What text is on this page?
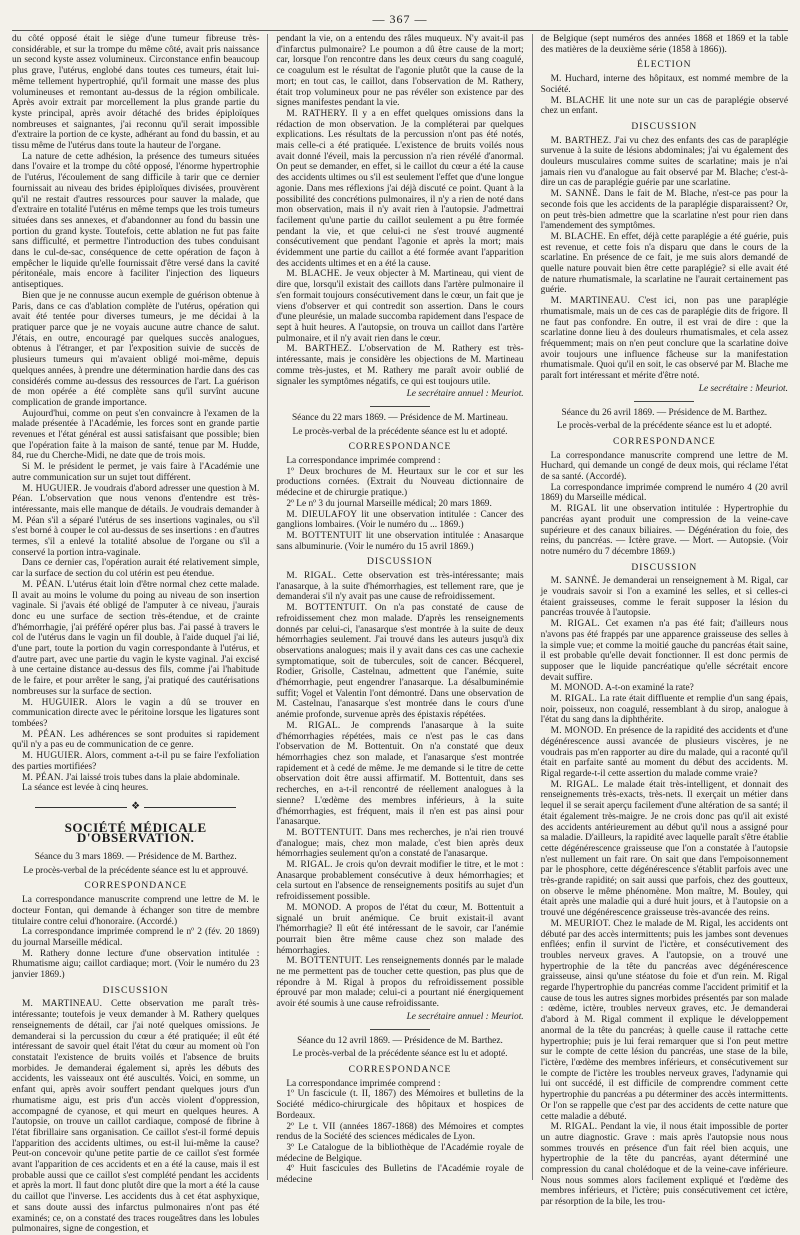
— 367 —

du côté opposé était le siège d'une tumeur fibreuse très-considérable, et sur la trompe du même côté, avait pris naissance un second kyste assez volumineux. Circonstance enfin beaucoup plus grave, l'utérus, englobé dans toutes ces tumeurs, était lui-même tellement hypertrophié, qu'il formait une masse des plus volumineuses et remontant au-dessus de la région ombilicale. Après avoir extrait par morcellement la plus grande partie du kyste principal, après avoir détaché des brides épiploïques nombreuses et saignantes, j'ai reconnu qu'il serait impossible d'extraire la portion de ce kyste, adhérant au fond du bassin, et au tissu même de l'utérus dans toute la hauteur de l'organe.

La nature de cette adhésion, la présence des tumeurs situées dans l'ovaire et la trompe du côté opposé, l'énorme hypertrophie de l'utérus, l'écoulement de sang difficile à tarir que ce dernier fournissait au niveau des brides épiploïques divisées, prouvèrent qu'il ne restait d'autres ressources pour sauver la malade, que d'extraire en totalité l'utérus en même temps que les trois tumeurs situées dans ses annexes, et d'abandonner au fond du bassin une portion du grand kyste. Toutefois, cette ablation ne fut pas faite sans difficulté, et permettre l'introduction des tubes conduisant dans le cul-de-sac, conséquence de cette opération de façon à empêcher le liquide qu'elle fournissait d'être versé dans la cavité péritonéale, mais encore à faciliter l'injection des liqueurs antiseptiques.

Bien que je ne connusse aucun exemple de guérison obtenue à Paris, dans ce cas d'ablation complète de l'utérus, opération qui avait été tentée pour diverses tumeurs, je me décidai à la pratiquer parce que je ne voyais aucune autre chance de salut. J'étais, en outre, encouragé par quelques succès analogues, obtenus à l'étranger, et par l'exposition suivie de succès de plusieurs tumeurs qui m'avaient obligé moi-même, depuis quelques années, à prendre une détermination hardie dans des cas considérés comme au-dessus des ressources de l'art. La guérison de mon opérée a été complète sans qu'il survînt aucune complication de grande importance.

Aujourd'hui, comme on peut s'en convaincre à l'examen de la malade présentée à l'Académie, les forces sont en grande partie revenues et l'état général est aussi satisfaisant que possible; bien que l'opération faite à la maison de santé, tenue par M. Hudde, 84, rue du Cherche-Midi, ne date que de trois mois.

Si M. le président le permet, je vais faire à l'Académie une autre communication sur un sujet tout différent.

M. HUGUIER. Je voudrais d'abord adresser une question à M. Péan. L'observation que nous venons d'entendre est très-intéressante, mais elle manque de détails. Je voudrais demander à M. Péan s'il a séparé l'utérus de ses insertions vaginales, ou s'il s'est borné à couper le col au-dessus de ses insertions : en d'autres termes, s'il a enlevé la totalité absolue de l'organe ou s'il a conservé la portion intra-vaginale.

Dans ce dernier cas, l'opération aurait été relativement simple, car la surface de section du col utérin est peu étendue.

M. PÉAN. L'utérus était loin d'être normal chez cette malade. Il avait au moins le volume du poing au niveau de son insertion vaginale. Si j'avais été obligé de l'amputer à ce niveau, j'aurais donc eu une surface de section très-étendue, et de crainte d'hémorrhagie, j'ai préféré opérer plus bas. J'ai passé à travers le col de l'utérus dans le vagin un fil double, à l'aide duquel j'ai lié, d'une part, toute la portion du vagin correspondante à l'utérus, et d'autre part, avec une partie du vagin le kyste vaginal. J'ai excisé à une certaine distance au-dessus des fils, comme j'ai l'habitude de le faire, et pour arrêter le sang, j'ai pratiqué des cautérisations nombreuses sur la surface de section.

M. HUGUIER. Alors le vagin a dû se trouver en communication directe avec le péritoine lorsque les ligatures sont tombées?

M. PÉAN. Les adhérences se sont produites si rapidement qu'il n'y a pas eu de communication de ce genre.

M. HUGUIER. Alors, comment a-t-il pu se faire l'exfoliation des parties mortifiées?

M. PÉAN. J'ai laissé trois tubes dans la plaie abdominale.

La séance est levée à cinq heures.

❖
SOCIÉTÉ MÉDICALE D'OBSERVATION.
Séance du 3 mars 1869. — Présidence de M. Barthez.
Le procès-verbal de la précédente séance est lu et approuvé.
CORRESPONDANCE

La correspondance manuscrite comprend une lettre de M. le docteur Fontan, qui demande à échanger son titre de membre titulaire contre celui d'honoraire. (Accordé.)

La correspondance imprimée comprend le nº 2 (fév. 20 1869) du journal Marseille médical.

M. Rathery donne lecture d'une observation intitulée : Rhumatisme aigu; caillot cardiaque; mort. (Voir le numéro du 23 janvier 1869.)

DISCUSSION

M. MARTINEAU. Cette observation me paraît très-intéressante; toutefois je veux demander à M. Rathery quelques renseignements de détail, car j'ai noté quelques omissions. Je demanderai si la percussion du cœur a été pratiquée; il eût été intéressant de savoir quel était l'état du cœur au moment où l'on constatait l'existence de bruits voilés et l'absence de bruits morbides. Je demanderai également si, après les débuts des accidents, les vaisseaux ont été auscultés. Voici, en somme, un enfant qui, après avoir souffert pendant quelques jours d'un rhumatisme aigu, est pris d'un accès violent d'oppression, accompagné de cyanose, et qui meurt en quelques heures. A l'autopsie, on trouve un caillot cardiaque, composé de fibrine à l'état fibrillaire sans organisation. Ce caillot s'est-il formé depuis l'apparition des accidents ultimes, ou est-il lui-même la cause? Peut-on concevoir qu'une petite partie de ce caillot s'est formée avant l'apparition de ces accidents et en a été la cause, mais il est probable aussi que ce caillot s'est complété pendant les accidents et après la mort. Il faut donc plutôt dire que la mort a été la cause du caillot que l'inverse. Les accidents dus à cet état asphyxique, et sans doute aussi des infarctus pulmonaires n'ont pas été examinés; ce, on a constaté des traces rougeâtres dans les lobules pulmonaires, signe de congestion, et

pendant la vie, on a entendu des râles muqueux. N'y avait-il pas d'infarctus pulmonaire? Le poumon a dû être cause de la mort; car, lorsque l'on rencontre dans les deux cœurs du sang coagulé, ce coagulum est le résultat de l'agonie plutôt que la cause de la mort; en tout cas, le caillot, dans l'observation de M. Rathery, était trop volumineux pour ne pas révéler son existence par des signes manifestes pendant la vie.

M. RATHERY. Il y a en effet quelques omissions dans la rédaction de mon observation. Je la compléterai par quelques explications. Les résultats de la percussion n'ont pas été notés, mais celle-ci a été pratiquée. L'existence de bruits voilés nous avait donné l'éveil, mais la percussion n'a rien révélé d'anormal. On peut se demander, en effet, si le caillot du cœur a été la cause des accidents ultimes ou s'il est seulement l'effet que d'une longue agonie. Dans mes réflexions j'ai déjà discuté ce point. Quant à la possibilité des concrétions pulmonaires, il n'y a rien de noté dans mon observation, mais il n'y avait rien à l'autopsie. J'admettrai facilement qu'une partie du caillot seulement a pu être formée pendant la vie, et que celui-ci ne s'est trouvé augmenté consécutivement que pendant l'agonie et après la mort; mais évidemment une partie du caillot a été formée avant l'apparition des accidents ultimes et en a été la cause.

M. BLACHE. Je veux objecter à M. Martineau, qui vient de dire que, lorsqu'il existait des caillots dans l'artère pulmonaire il s'en formait toujours consécutivement dans le cœur, un fait que je viens d'observer et qui contredit son assertion. Dans le cours d'une pleurésie, un malade succomba rapidement dans l'espace de sept à huit heures. A l'autopsie, on trouva un caillot dans l'artère pulmonaire, et il n'y avait rien dans le cœur.

M. BARTHEZ. L'observation de M. Rathery est très-intéressante, mais je considère les objections de M. Martineau comme très-justes, et M. Rathery me paraît avoir oublié de signaler les symptômes négatifs, ce qui est toujours utile.

Le secrétaire annuel : Meuriot.
Séance du 22 mars 1869. — Présidence de M. Martineau.
Le procès-verbal de la précédente séance est lu et adopté.
CORRESPONDANCE

La correspondance imprimée comprend :

1º Deux brochures de M. Heurtaux sur le cor et sur les productions cornées. (Extrait du Nouveau dictionnaire de médecine et de chirurgie pratique.)

2º Le nº 3 du journal Marseille médical; 20 mars 1869.

M. DIEULAFOY lit une observation intitulée : Cancer des ganglions lombaires. (Voir le numéro du ... 1869.)

M. BOTTENTUIT lit une observation intitulée : Anasarque sans albuminurie. (Voir le numéro du 15 avril 1869.)

DISCUSSION

M. RIGAL. Cette observation est très-intéressante; mais l'anasarque, à la suite d'hémorrhagies, est tellement rare, que je demanderai s'il n'y avait pas une cause de refroidissement.

M. BOTTENTUIT. On n'a pas constaté de cause de refroidissement chez mon malade. D'après les renseignements donnés par celui-ci, l'anasarque s'est montrée à la suite de deux hémorrhagies seulement. J'ai trouvé dans les auteurs jusqu'à dix observations analogues; mais il y avait dans ces cas une cachexie symptomatique, soit de tubercules, soit de cancer. Bécquerel, Rodier, Grisolle, Castelnau, admettent que l'anémie, suite d'hémorrhagie, peut engendrer l'anasarque. La désalbuminémie suffit; Vogel et Valentin l'ont démontré. Dans une observation de M. Castelnau, l'anasarque s'est montrée dans le cours d'une anémie profonde, survenue après des épistaxis répétées.

M. RIGAL. Je comprends l'anasarque à la suite d'hémorrhagies répétées, mais ce n'est pas le cas dans l'observation de M. Bottentuit. On n'a constaté que deux hémorrhagies chez son malade, et l'anasarque s'est montrée rapidement et à cedé de même. Je me demande si le titre de cette observation doit être aussi affirmatif. M. Bottentuit, dans ses recherches, en a-t-il rencontré de réellement analogues à la sienne? L'œdème des membres inférieurs, à la suite d'hémorrhagies, est fréquent, mais il n'en est pas ainsi pour l'anasarque.

M. BOTTENTUIT. Dans mes recherches, je n'ai rien trouvé d'analogue; mais, chez mon malade, c'est bien après deux hémorrhagies seulement qu'on a constaté de l'anasarque.

M. RIGAL. Je crois qu'on devrait modifier le titre, et le mot : Anasarque probablement consécutive à deux hémorrhagies; et cela surtout en l'absence de renseignements positifs au sujet d'un refroidissement possible.

M. MONOD. A propos de l'état du cœur, M. Bottentuit a signalé un bruit anémique. Ce bruit existait-il avant l'hémorrhagie? Il eût été intéressant de le savoir, car l'anémie pourrait bien être même cause chez son malade des hémorrhagies.

M. BOTTENTUIT. Les renseignements donnés par le malade ne me permettent pas de toucher cette question, pas plus que de répondre à M. Rigal à propos du refroidissement possible éprouvé par mon malade; celui-ci a pourtant nié énergiquement avoir été soumis à une cause refroidissante.

Le secrétaire annuel : Meuriot.
Séance du 12 avril 1869. — Présidence de M. Barthez.
Le procès-verbal de la précédente séance est lu et adopté.
CORRESPONDANCE

La correspondance imprimée comprend :

1º Un fascicule (t. II, 1867) des Mémoires et bulletins de la Société médico-chirurgicale des hôpitaux et hospices de Bordeaux.

2º Le t. VII (années 1867-1868) des Mémoires et comptes rendus de la Société des sciences médicales de Lyon.

3º Le Catalogue de la bibliothèque de l'Académie royale de médecine de Belgique.

4º Huit fascicules des Bulletins de l'Académie royale de médecine

de Belgique (sept numéros des années 1868 et 1869 et la table des matières de la deuxième série (1858 à 1866)).

ÉLECTION

M. Huchard, interne des hôpitaux, est nommé membre de la Société.

M. BLACHE lit une note sur un cas de paraplégie observé chez un enfant.

DISCUSSION

M. BARTHEZ. J'ai vu chez des enfants des cas de paraplégie survenue à la suite de lésions abdominales; j'ai vu également des douleurs musculaires comme suites de scarlatine; mais je n'ai jamais rien vu d'analogue au fait observé par M. Blache; c'est-à-dire un cas de paraplégie guérie par une scarlatine.

M. SANNÉ. Dans le fait de M. Blache, n'est-ce pas pour la seconde fois que les accidents de la paraplégie disparaissent? Or, on peut très-bien admettre que la scarlatine n'est pour rien dans l'amendement des symptômes.

M. BLACHE. En effet, déjà cette paraplégie a été guérie, puis est revenue, et cette fois n'a disparu que dans le cours de la scarlatine. En présence de ce fait, je me suis alors demandé de quelle nature pouvait bien être cette paraplégie? si elle avait été de nature rhumatismale, la scarlatine ne l'aurait certainement pas guérie.

M. MARTINEAU. C'est ici, non pas une paraplégie rhumatismale, mais un de ces cas de paraplégie dits de frigore. Il ne faut pas confondre. En outre, il est vrai de dire : que la scarlatine donne lieu à des douleurs rhumatismales, et cela assez fréquemment; mais on n'en peut conclure que la scarlatine doive avoir toujours une influence fâcheuse sur la manifestation rhumatismale. Quoi qu'il en soit, le cas observé par M. Blache me paraît fort intéressant et mérite d'être noté.

Le secrétaire : Meuriot.
Séance du 26 avril 1869. — Présidence de M. Barthez.
Le procès-verbal de la précédente séance est lu et adopté.
CORRESPONDANCE

La correspondance manuscrite comprend une lettre de M. Huchard, qui demande un congé de deux mois, qui réclame l'état de sa santé. (Accordé).

La correspondance imprimée comprend le numéro 4 (20 avril 1869) du Marseille médical.

M. RIGAL lit une observation intitulée : Hypertrophie du pancréas ayant produit une compression de la veine-cave supérieure et des canaux biliaires. — Dégénération du foie, des reins, du pancréas. — Ictère grave. — Mort. — Autopsie. (Voir notre numéro du 7 décembre 1869.)

DISCUSSION

M. SANNÉ. Je demanderai un renseignement à M. Rigal, car je voudrais savoir si l'on a examiné les selles, et si celles-ci étaient graisseuses, comme le ferait supposer la lésion du pancréas trouvée à l'autopsie.

M. RIGAL. Cet examen n'a pas été fait; d'ailleurs nous n'avons pas été frappés par une apparence graisseuse des selles à la simple vue; et comme la moitié gauche du pancréas était saine, il est probable qu'elle devait fonctionner. Il est donc permis de supposer que le liquide pancréatique qu'elle sécrétait encore devait suffire.

M. MONOD. A-t-on examiné la rate?

M. RIGAL. La rate était diffluente et remplie d'un sang épais, noir, poisseux, non coagulé, ressemblant à du sirop, analogue à l'état du sang dans la diphthérite.

M. MONOD. En présence de la rapidité des accidents et d'une dégénérescence aussi avancée de plusieurs viscères, je ne voudrais pas m'en rapporter au dire du malade, qui a raconté qu'il était en parfaite santé au moment du début des accidents. M. Rigal regarde-t-il cette assertion du malade comme vraie?

M. RIGAL. Le malade était très-intelligent, et donnait des renseignements très-exacts, très-nets. Il exerçait un métier dans lequel il se serait aperçu facilement d'une altération de sa santé; il était également très-maigre. Je ne crois donc pas qu'il ait existé des accidents antérieurement au début qu'il nous a assigné pour sa maladie. D'ailleurs, la rapidité avec laquelle paraît s'être établie cette dégénérescence graisseuse que l'on a constatée à l'autopsie n'est nullement un fait rare. On sait que dans l'empoisonnement par le phosphore, cette dégénérescence s'établit parfois avec une très-grande rapidité; on sait aussi que parfois, chez des goutteux, on observe le même phénomène. Mon maître, M. Bouley, qui était après une maladie qui a duré huit jours, et à l'autopsie on a trouvé une dégénérescence graisseuse très-avancée des reins.

M. MEURIOT. Chez le malade de M. Rigal, les accidents ont débuté par des accès intermittents; puis les jambes sont devenues enflées; enfin il survint de l'ictère, et consécutivement des troubles nerveux graves. A l'autopsie, on a trouvé une hypertrophie de la tête du pancréas avec dégénérescence graisseuse, ainsi qu'une stéatose du foie et d'un rein. M. Rigal regarde l'hypertrophie du pancréas comme l'accident primitif et la cause de tous les autres signes morbides présentés par son malade : œdème, ictère, troubles nerveux graves, etc. Je demanderai d'abord à M. Rigal comment il explique le développement anormal de la tête du pancréas; à quelle cause il rattache cette hypertrophie; puis je lui ferai remarquer que si l'on peut mettre sur le compte de cette lésion du pancréas, une stase de la bile, l'ictère, l'œdème des membres inférieurs, et consécutivement sur le compte de l'ictère les troubles nerveux graves, l'adynamie qui lui ont succédé, il est difficile de comprendre comment cette hypertrophie du pancréas a pu déterminer des accès intermittents. Or l'on se rappelle que c'est par des accidents de cette nature que cette maladie a débuté.

M. RIGAL. Pendant la vie, il nous était impossible de porter un autre diagnostic. Grave : mais après l'autopsie nous nous sommes trouvés en présence d'un fait réel bien acquis, une hypertrophie de la tête du pancréas, ayant déterminé une compression du canal cholédoque et de la veine-cave inférieure. Nous nous sommes alors facilement expliqué et l'œdème des membres inférieurs, et l'ictère; puis consécutivement cet ictère, par résorption de la bile, les trou-
